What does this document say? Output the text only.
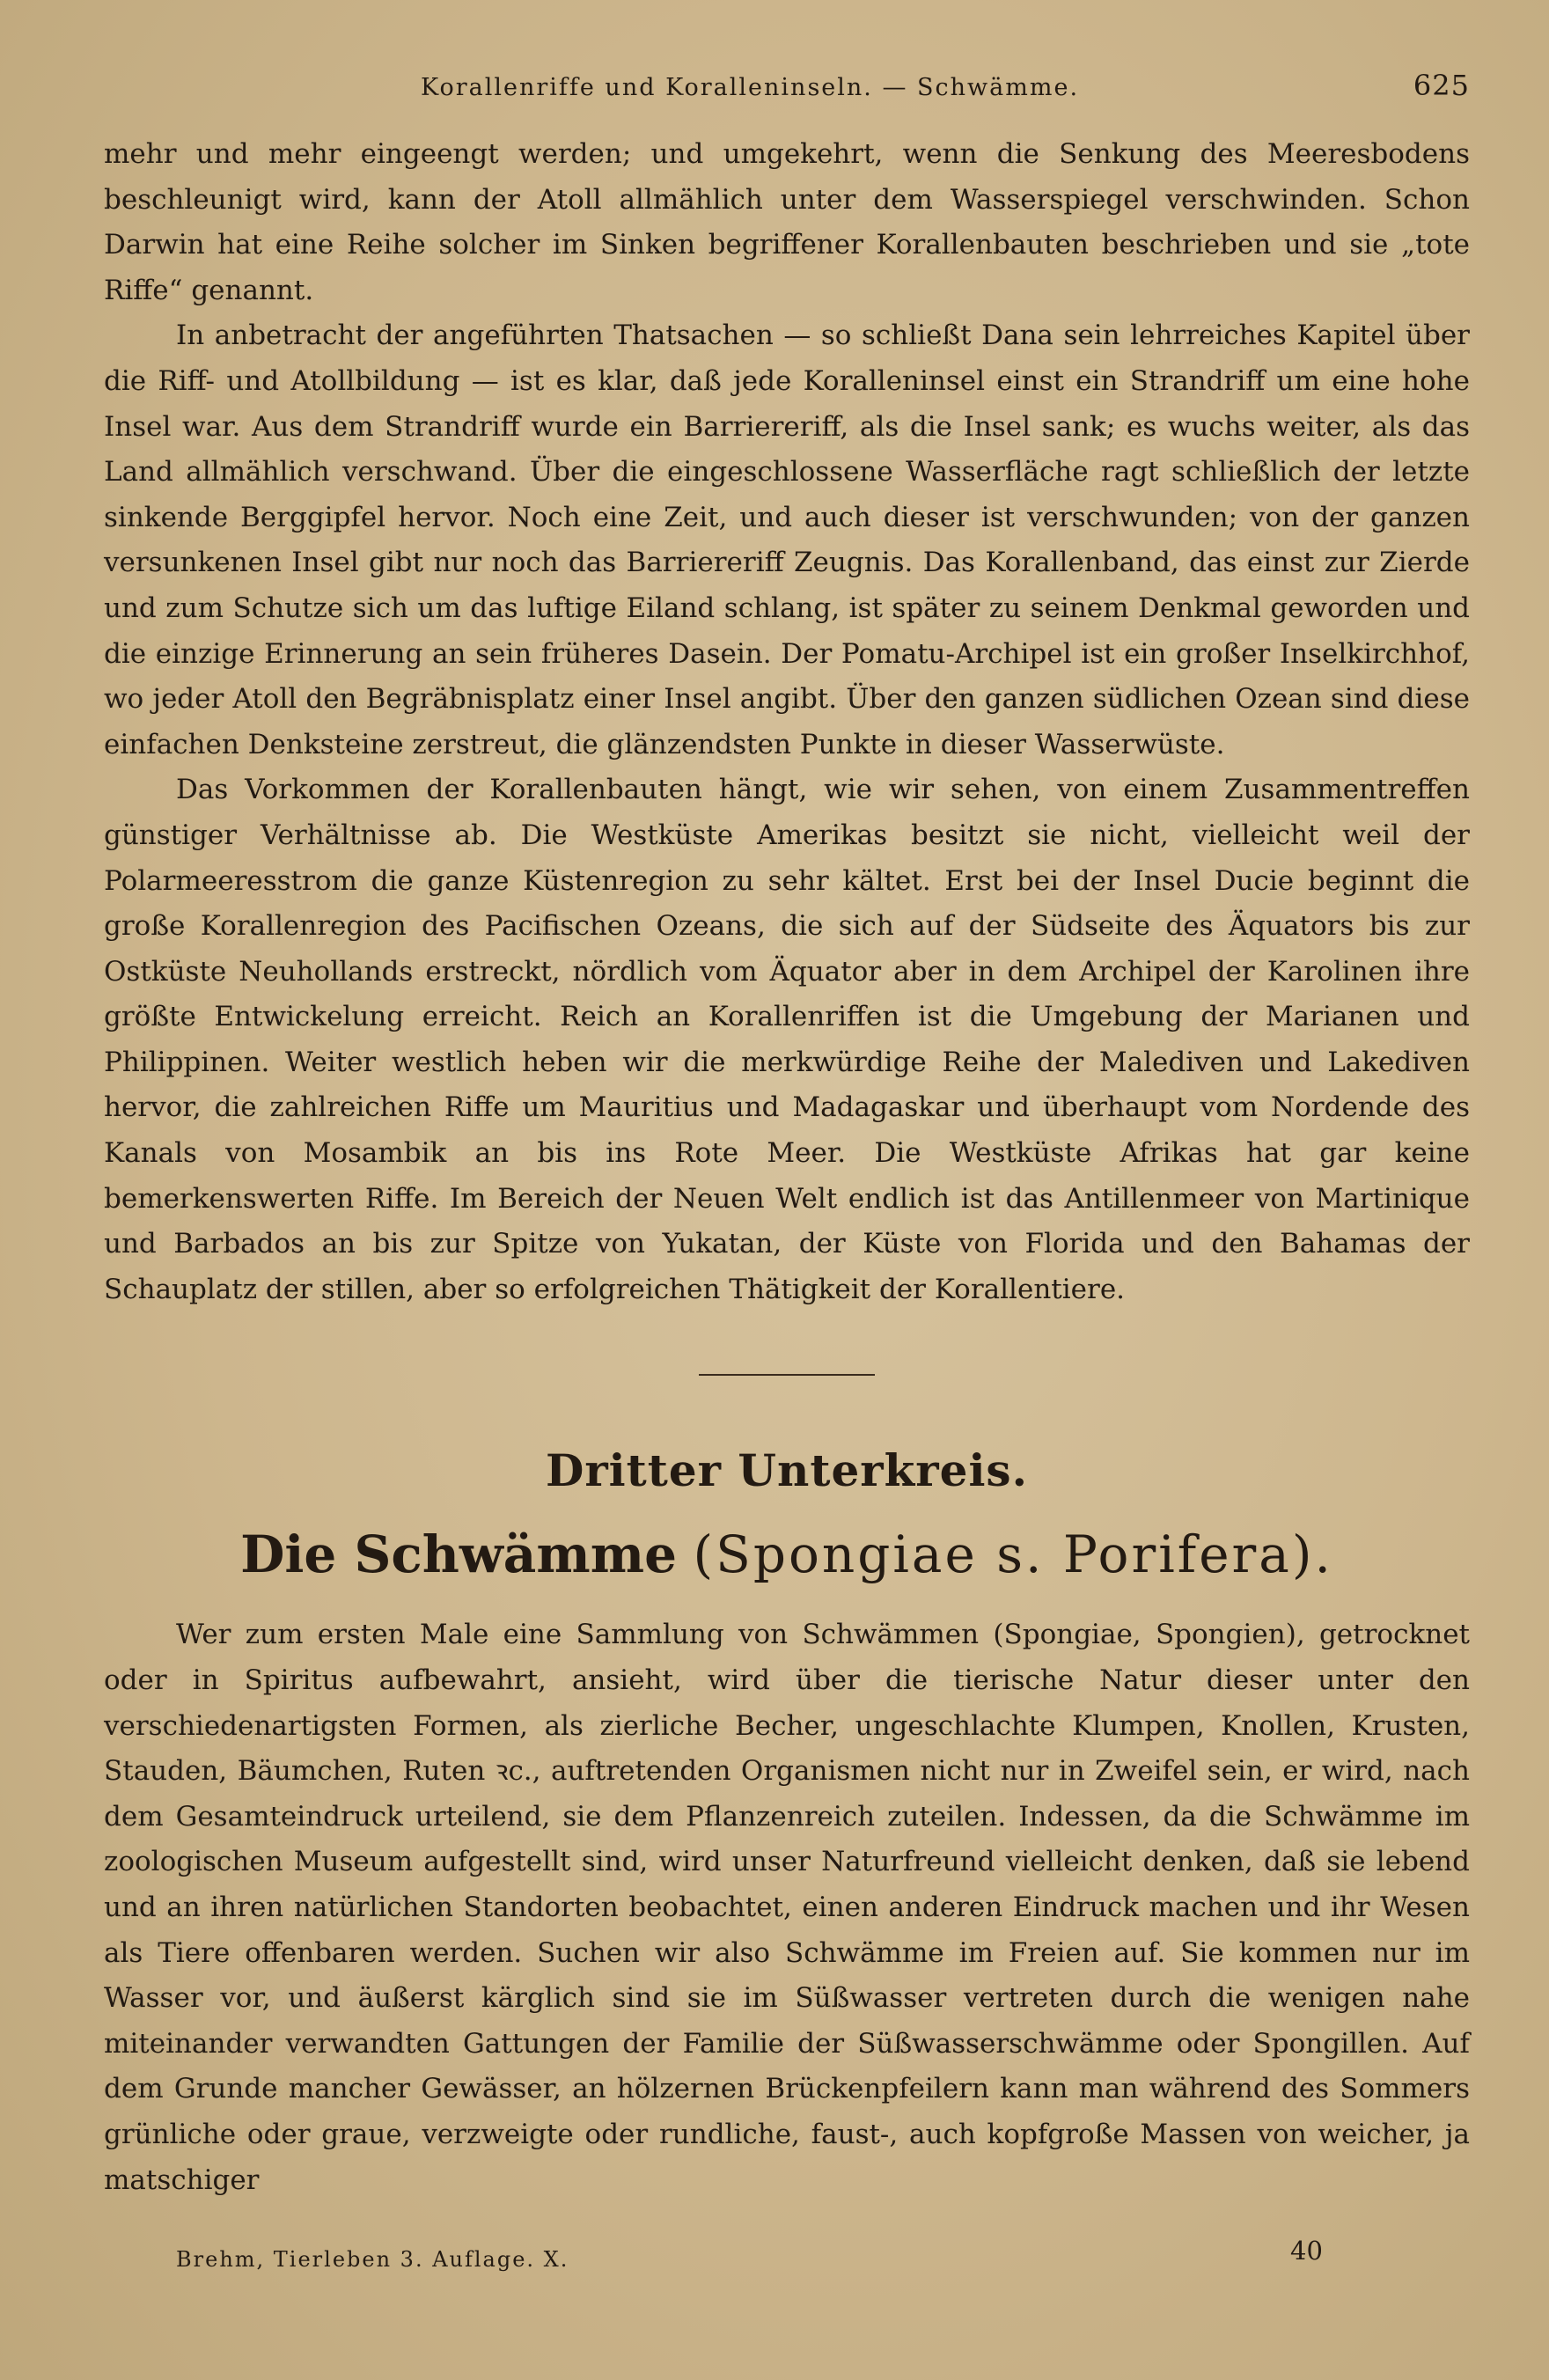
Korallenriffe und Koralleninseln. — Schwämme.	625

mehr und mehr eingeengt werden; und umgekehrt, wenn die Senkung des Meeresbodens beschleunigt wird, kann der Atoll allmählich unter dem Wasserspiegel verschwinden. Schon Darwin hat eine Reihe solcher im Sinken begriffener Korallenbauten beschrieben und sie „tote Riffe“ genannt.

In anbetracht der angeführten Thatsachen — so schließt Dana sein lehrreiches Kapitel über die Riff- und Atollbildung — ist es klar, daß jede Koralleninsel einst ein Strandriff um eine hohe Insel war. Aus dem Strandriff wurde ein Barriereriff, als die Insel sank; es wuchs weiter, als das Land allmählich verschwand. Über die eingeschlossene Wasserfläche ragt schließlich der letzte sinkende Berggipfel hervor. Noch eine Zeit, und auch dieser ist verschwunden; von der ganzen versunkenen Insel gibt nur noch das Barriereriff Zeugnis. Das Korallenband, das einst zur Zierde und zum Schutze sich um das luftige Eiland schlang, ist später zu seinem Denkmal geworden und die einzige Erinnerung an sein früheres Dasein. Der Pomatu-Archipel ist ein großer Inselkirchhof, wo jeder Atoll den Begräbnisplatz einer Insel angibt. Über den ganzen südlichen Ozean sind diese einfachen Denksteine zerstreut, die glänzendsten Punkte in dieser Wasserwüste.

Das Vorkommen der Korallenbauten hängt, wie wir sehen, von einem Zusammentreffen günstiger Verhältnisse ab. Die Westküste Amerikas besitzt sie nicht, vielleicht weil der Polarmeeresstrom die ganze Küstenregion zu sehr kältet. Erst bei der Insel Ducie beginnt die große Korallenregion des Pacifischen Ozeans, die sich auf der Südseite des Äquators bis zur Ostküste Neuhollands erstreckt, nördlich vom Äquator aber in dem Archipel der Karolinen ihre größte Entwickelung erreicht. Reich an Korallenriffen ist die Umgebung der Marianen und Philippinen. Weiter westlich heben wir die merkwürdige Reihe der Malediven und Lakediven hervor, die zahlreichen Riffe um Mauritius und Madagaskar und überhaupt vom Nordende des Kanals von Mosambik an bis ins Rote Meer. Die Westküste Afrikas hat gar keine bemerkenswerten Riffe. Im Bereich der Neuen Welt endlich ist das Antillenmeer von Martinique und Barbados an bis zur Spitze von Yukatan, der Küste von Florida und den Bahamas der Schauplatz der stillen, aber so erfolgreichen Thätigkeit der Korallentiere.

Dritter Unterkreis.
Die Schwämme (Spongiae s. Porifera).

Wer zum ersten Male eine Sammlung von Schwämmen (Spongiae, Spongien), getrocknet oder in Spiritus aufbewahrt, ansieht, wird über die tierische Natur dieser unter den verschiedenartigsten Formen, als zierliche Becher, ungeschlachte Klumpen, Knollen, Krusten, Stauden, Bäumchen, Ruten ꝛc., auftretenden Organismen nicht nur in Zweifel sein, er wird, nach dem Gesamteindruck urteilend, sie dem Pflanzenreich zuteilen. Indessen, da die Schwämme im zoologischen Museum aufgestellt sind, wird unser Naturfreund vielleicht denken, daß sie lebend und an ihren natürlichen Standorten beobachtet, einen anderen Eindruck machen und ihr Wesen als Tiere offenbaren werden. Suchen wir also Schwämme im Freien auf. Sie kommen nur im Wasser vor, und äußerst kärglich sind sie im Süßwasser vertreten durch die wenigen nahe miteinander verwandten Gattungen der Familie der Süßwasserschwämme oder Spongillen. Auf dem Grunde mancher Gewässer, an hölzernen Brückenpfeilern kann man während des Sommers grünliche oder graue, verzweigte oder rundliche, faust-, auch kopfgroße Massen von weicher, ja matschiger

Brehm, Tierleben 3. Auflage. X.	40
